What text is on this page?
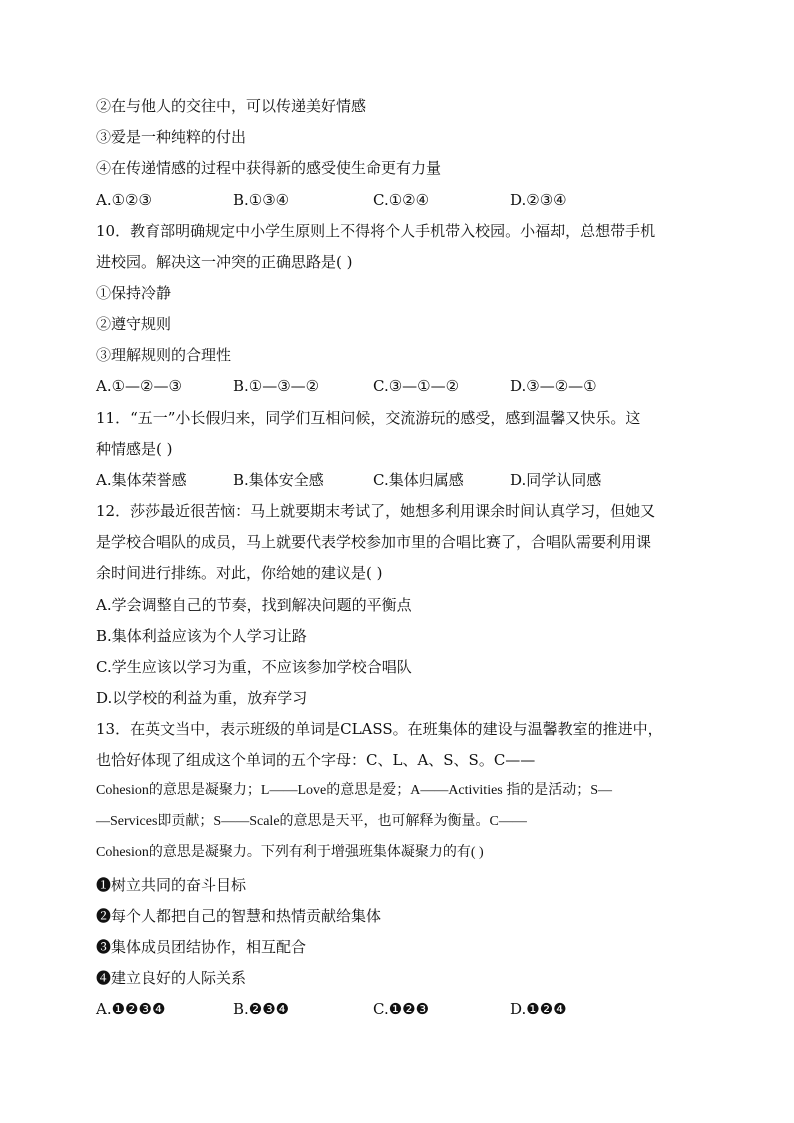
②在与他人的交往中，可以传递美好情感
③爱是一种纯粹的付出
④在传递情感的过程中获得新的感受使生命更有力量
A.①②③	B.①③④	C.①②④	D.②③④
10．教育部明确规定中小学生原则上不得将个人手机带入校园。小福却，总想带手机
进校园。解决这一冲突的正确思路是( )
①保持冷静
②遵守规则
③理解规则的合理性
A.①—②—③	B.①—③—②	C.③—①—②	D.③—②—①
11．“五一”小长假归来，同学们互相问候，交流游玩的感受，感到温馨又快乐。这
种情感是( )
A.集体荣誉感	B.集体安全感	C.集体归属感	D.同学认同感
12．莎莎最近很苦恼：马上就要期末考试了，她想多利用课余时间认真学习，但她又
是学校合唱队的成员，马上就要代表学校参加市里的合唱比赛了，合唱队需要利用课
余时间进行排练。对此，你给她的建议是( )
A.学会调整自己的节奏，找到解决问题的平衡点
B.集体利益应该为个人学习让路
C.学生应该以学习为重，不应该参加学校合唱队
D.以学校的利益为重，放弃学习
13．在英文当中，表示班级的单词是CLASS。在班集体的建设与温馨教室的推进中，
也恰好体现了组成这个单词的五个字母：C、L、A、S、S。C——
Cohesion的意思是凝聚力；L——Love的意思是爱；A——Activities 指的是活动；S—
—Services即贡献；S——Scale的意思是天平，也可解释为衡量。C——
Cohesion的意思是凝聚力。下列有利于增强班集体凝聚力的有( )
❶树立共同的奋斗目标
❷每个人都把自己的智慧和热情贡献给集体
❸集体成员团结协作，相互配合
❹建立良好的人际关系
A.❶❷❸❹	B.❷❸❹	C.❶❷❸	D.❶❷❹
